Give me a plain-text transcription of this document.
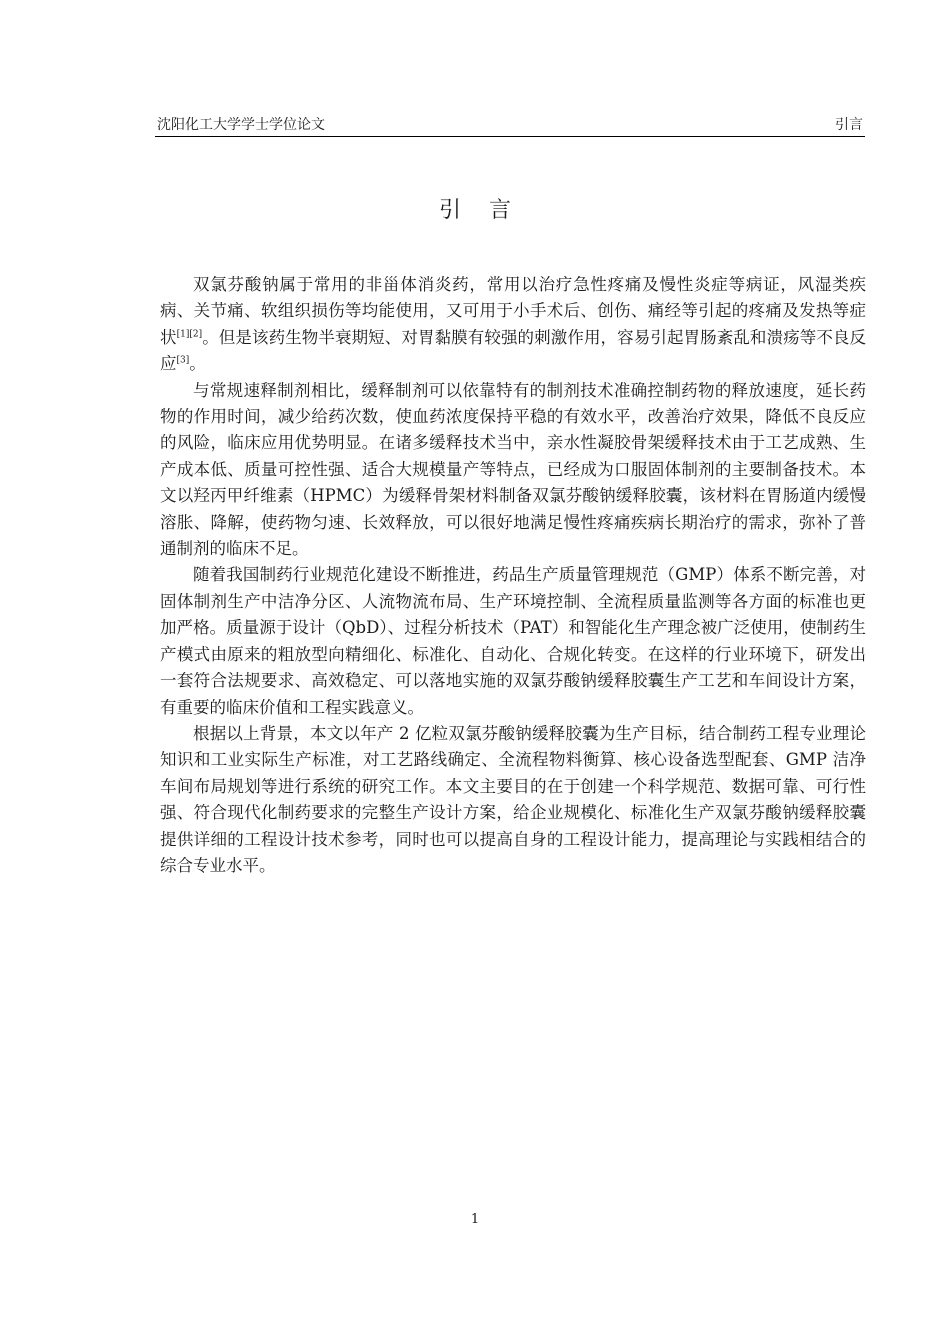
沈阳化工大学学士学位论文	引言
引言

双氯芬酸钠属于常用的非甾体消炎药，常用以治疗急性疼痛及慢性炎症等病证，风湿类疾病、关节痛、软组织损伤等均能使用，又可用于小手术后、创伤、痛经等引起的疼痛及发热等症状[1][2]。但是该药生物半衰期短、对胃黏膜有较强的刺激作用，容易引起胃肠紊乱和溃疡等不良反应[3]。

与常规速释制剂相比，缓释制剂可以依靠特有的制剂技术准确控制药物的释放速度，延长药物的作用时间，减少给药次数，使血药浓度保持平稳的有效水平，改善治疗效果，降低不良反应的风险，临床应用优势明显。在诸多缓释技术当中，亲水性凝胶骨架缓释技术由于工艺成熟、生产成本低、质量可控性强、适合大规模量产等特点，已经成为口服固体制剂的主要制备技术。本文以羟丙甲纤维素（HPMC）为缓释骨架材料制备双氯芬酸钠缓释胶囊，该材料在胃肠道内缓慢溶胀、降解，使药物匀速、长效释放，可以很好地满足慢性疼痛疾病长期治疗的需求，弥补了普通制剂的临床不足。

随着我国制药行业规范化建设不断推进，药品生产质量管理规范（GMP）体系不断完善，对固体制剂生产中洁净分区、人流物流布局、生产环境控制、全流程质量监测等各方面的标准也更加严格。质量源于设计（QbD）、过程分析技术（PAT）和智能化生产理念被广泛使用，使制药生产模式由原来的粗放型向精细化、标准化、自动化、合规化转变。在这样的行业环境下，研发出一套符合法规要求、高效稳定、可以落地实施的双氯芬酸钠缓释胶囊生产工艺和车间设计方案，有重要的临床价值和工程实践意义。

根据以上背景，本文以年产 2 亿粒双氯芬酸钠缓释胶囊为生产目标，结合制药工程专业理论知识和工业实际生产标准，对工艺路线确定、全流程物料衡算、核心设备选型配套、GMP 洁净车间布局规划等进行系统的研究工作。本文主要目的在于创建一个科学规范、数据可靠、可行性强、符合现代化制药要求的完整生产设计方案，给企业规模化、标准化生产双氯芬酸钠缓释胶囊提供详细的工程设计技术参考，同时也可以提高自身的工程设计能力，提高理论与实践相结合的综合专业水平。

1
